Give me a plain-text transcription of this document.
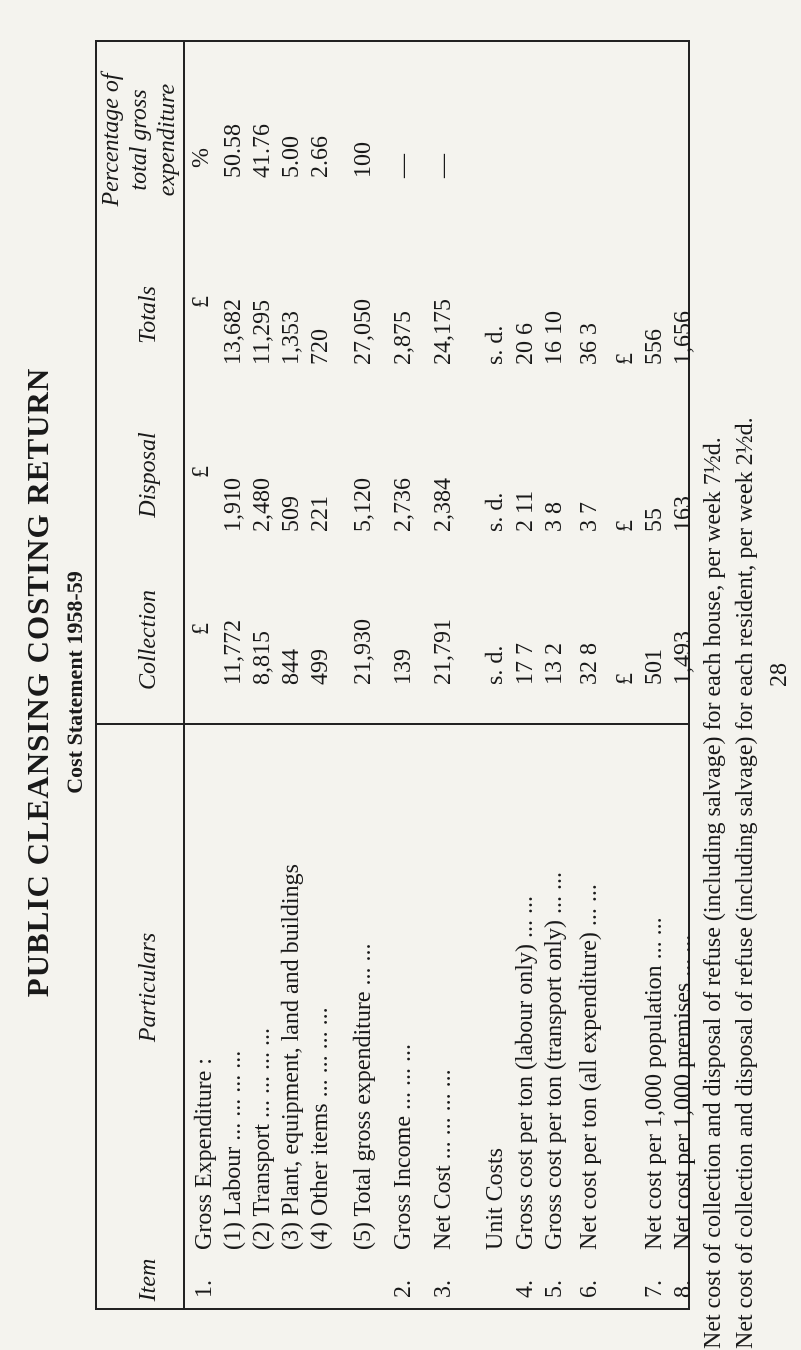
PUBLIC CLEANSING COSTING RETURN Cost Statement 1958-59
Item
Particulars
Collection
Disposal
Totals
Percentage of total gross expenditure
£
£
£
%
1.
Gross Expenditure : (1) Labour ... ... ... ...
11,772
1,910
13,682
50.58
(2) Transport ... ... ... ...
8,815
2,480
11,295
41.76
(3) Plant, equipment, land and buildings
844
509
1,353
5.00
(4) Other items ... ... ... ...
499
221
720
2.66
(5) Total gross expenditure ... ...
21,930
5,120
27,050
100
2.
Gross Income ... ... ...
139
2,736
2,875
—
3.
Net Cost ... ... ... ...
21,791
2,384
24,175
—
Unit Costs
s. d.
s. d.
s. d.
4.
Gross cost per ton (labour only) ... ...
17 7
2 11
20 6
5.
Gross cost per ton (transport only) ... ...
13 2
3 8
16 10
6.
Net cost per ton (all expenditure) ... ...
32 8
3 7
36 3
£
£
£
7.
Net cost per 1,000 population ... ...
501
55
556
8.
Net cost per 1,000 premises ... ...
1,493
163
1,656
Net cost of collection and disposal of refuse (including salvage) for each house, per week 7½d. Net cost of collection and disposal of refuse (including salvage) for each resident, per week 2½d. 28
